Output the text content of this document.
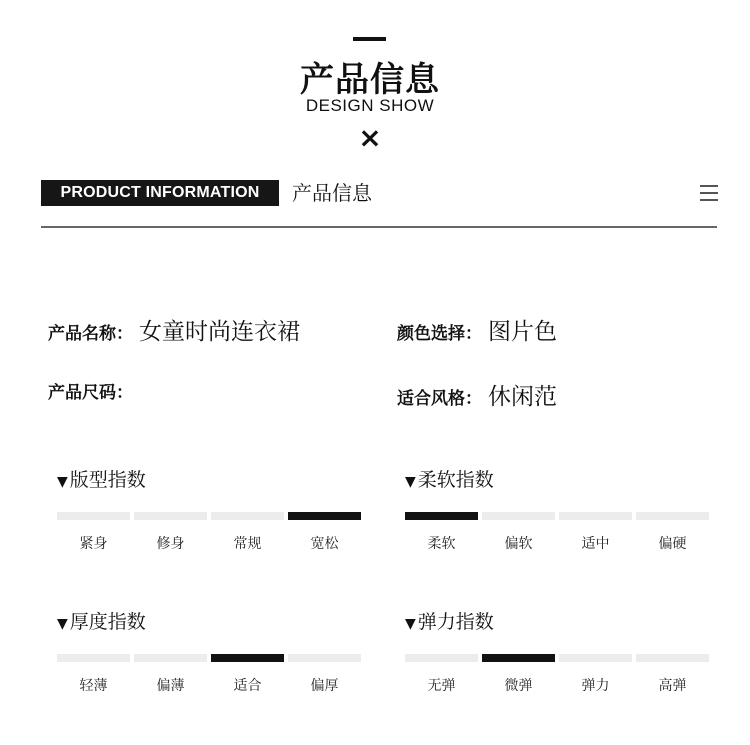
产品信息
DESIGN SHOW
×
PRODUCT INFORMATION	产品信息
产品名称： 女童时尚连衣裙	颜色选择： 图片色
产品尺码：	适合风格： 休闲范
▼ 版型指数
紧身	修身	常规	宽松
▼ 柔软指数
柔软	偏软	适中	偏硬
▼ 厚度指数
轻薄	偏薄	适合	偏厚
▼ 弹力指数
无弹	微弹	弹力	高弹
